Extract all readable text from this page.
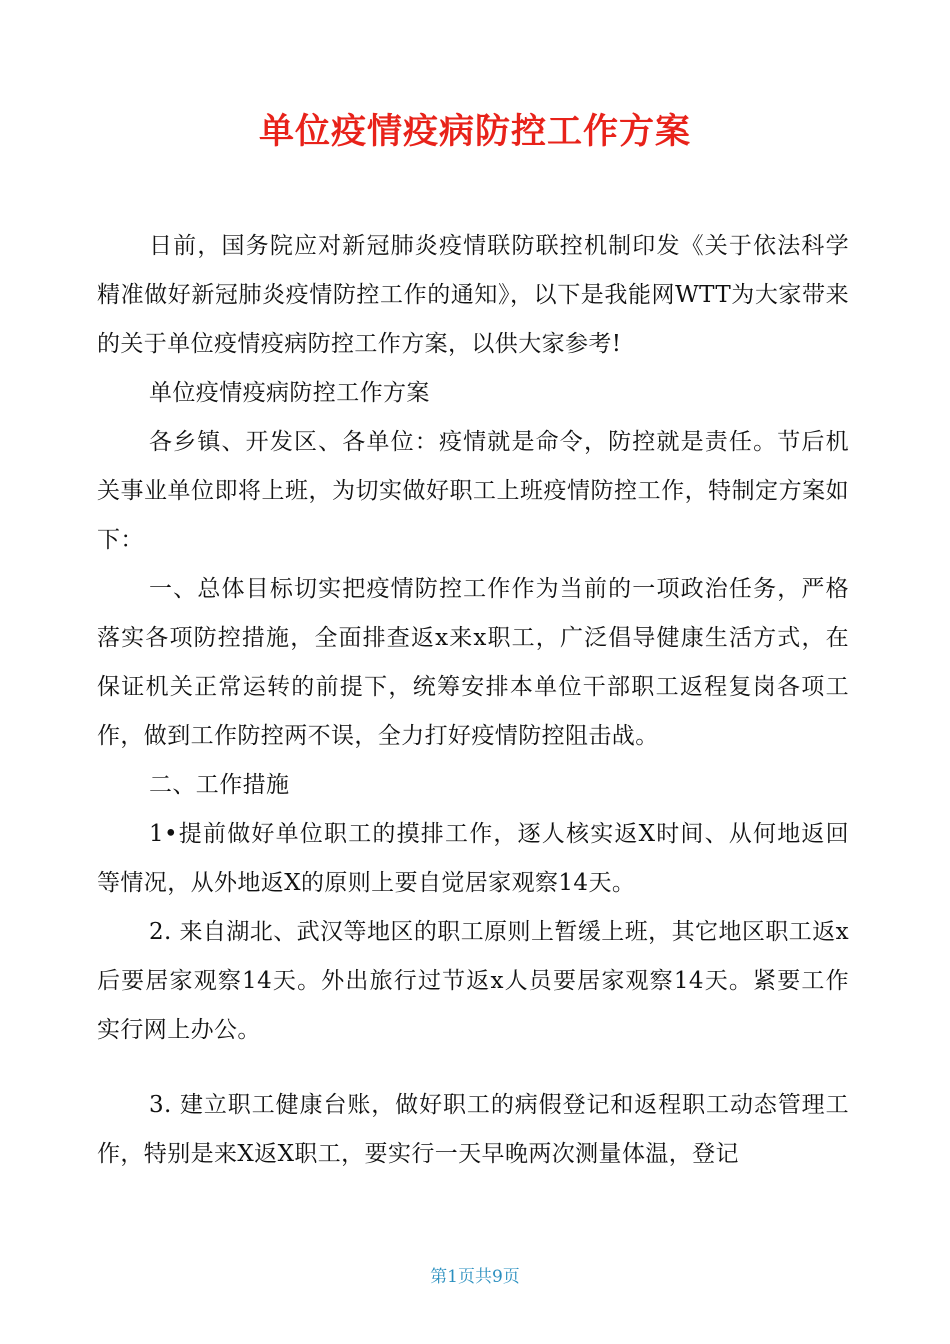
单位疫情疫病防控工作方案

日前，国务院应对新冠肺炎疫情联防联控机制印发《关于依法科学精准做好新冠肺炎疫情防控工作的通知》，以下是我能网WTT为大家带来的关于单位疫情疫病防控工作方案，以供大家参考!

单位疫情疫病防控工作方案

各乡镇、开发区、各单位：疫情就是命令，防控就是责任。节后机关事业单位即将上班，为切实做好职工上班疫情防控工作，特制定方案如下：

一、总体目标切实把疫情防控工作作为当前的一项政治任务，严格落实各项防控措施，全面排查返x来x职工，广泛倡导健康生活方式，在保证机关正常运转的前提下，统筹安排本单位干部职工返程复岗各项工作，做到工作防控两不误，全力打好疫情防控阻击战。

二、工作措施

1•提前做好单位职工的摸排工作，逐人核实返X时间、从何地返回等情况，从外地返X的原则上要自觉居家观察14天。

2. 来自湖北、武汉等地区的职工原则上暂缓上班，其它地区职工返x后要居家观察14天。外出旅行过节返x人员要居家观察14天。紧要工作实行网上办公。

3. 建立职工健康台账，做好职工的病假登记和返程职工动态管理工作，特别是来X返X职工，要实行一天早晚两次测量体温，登记

第1页共9页
